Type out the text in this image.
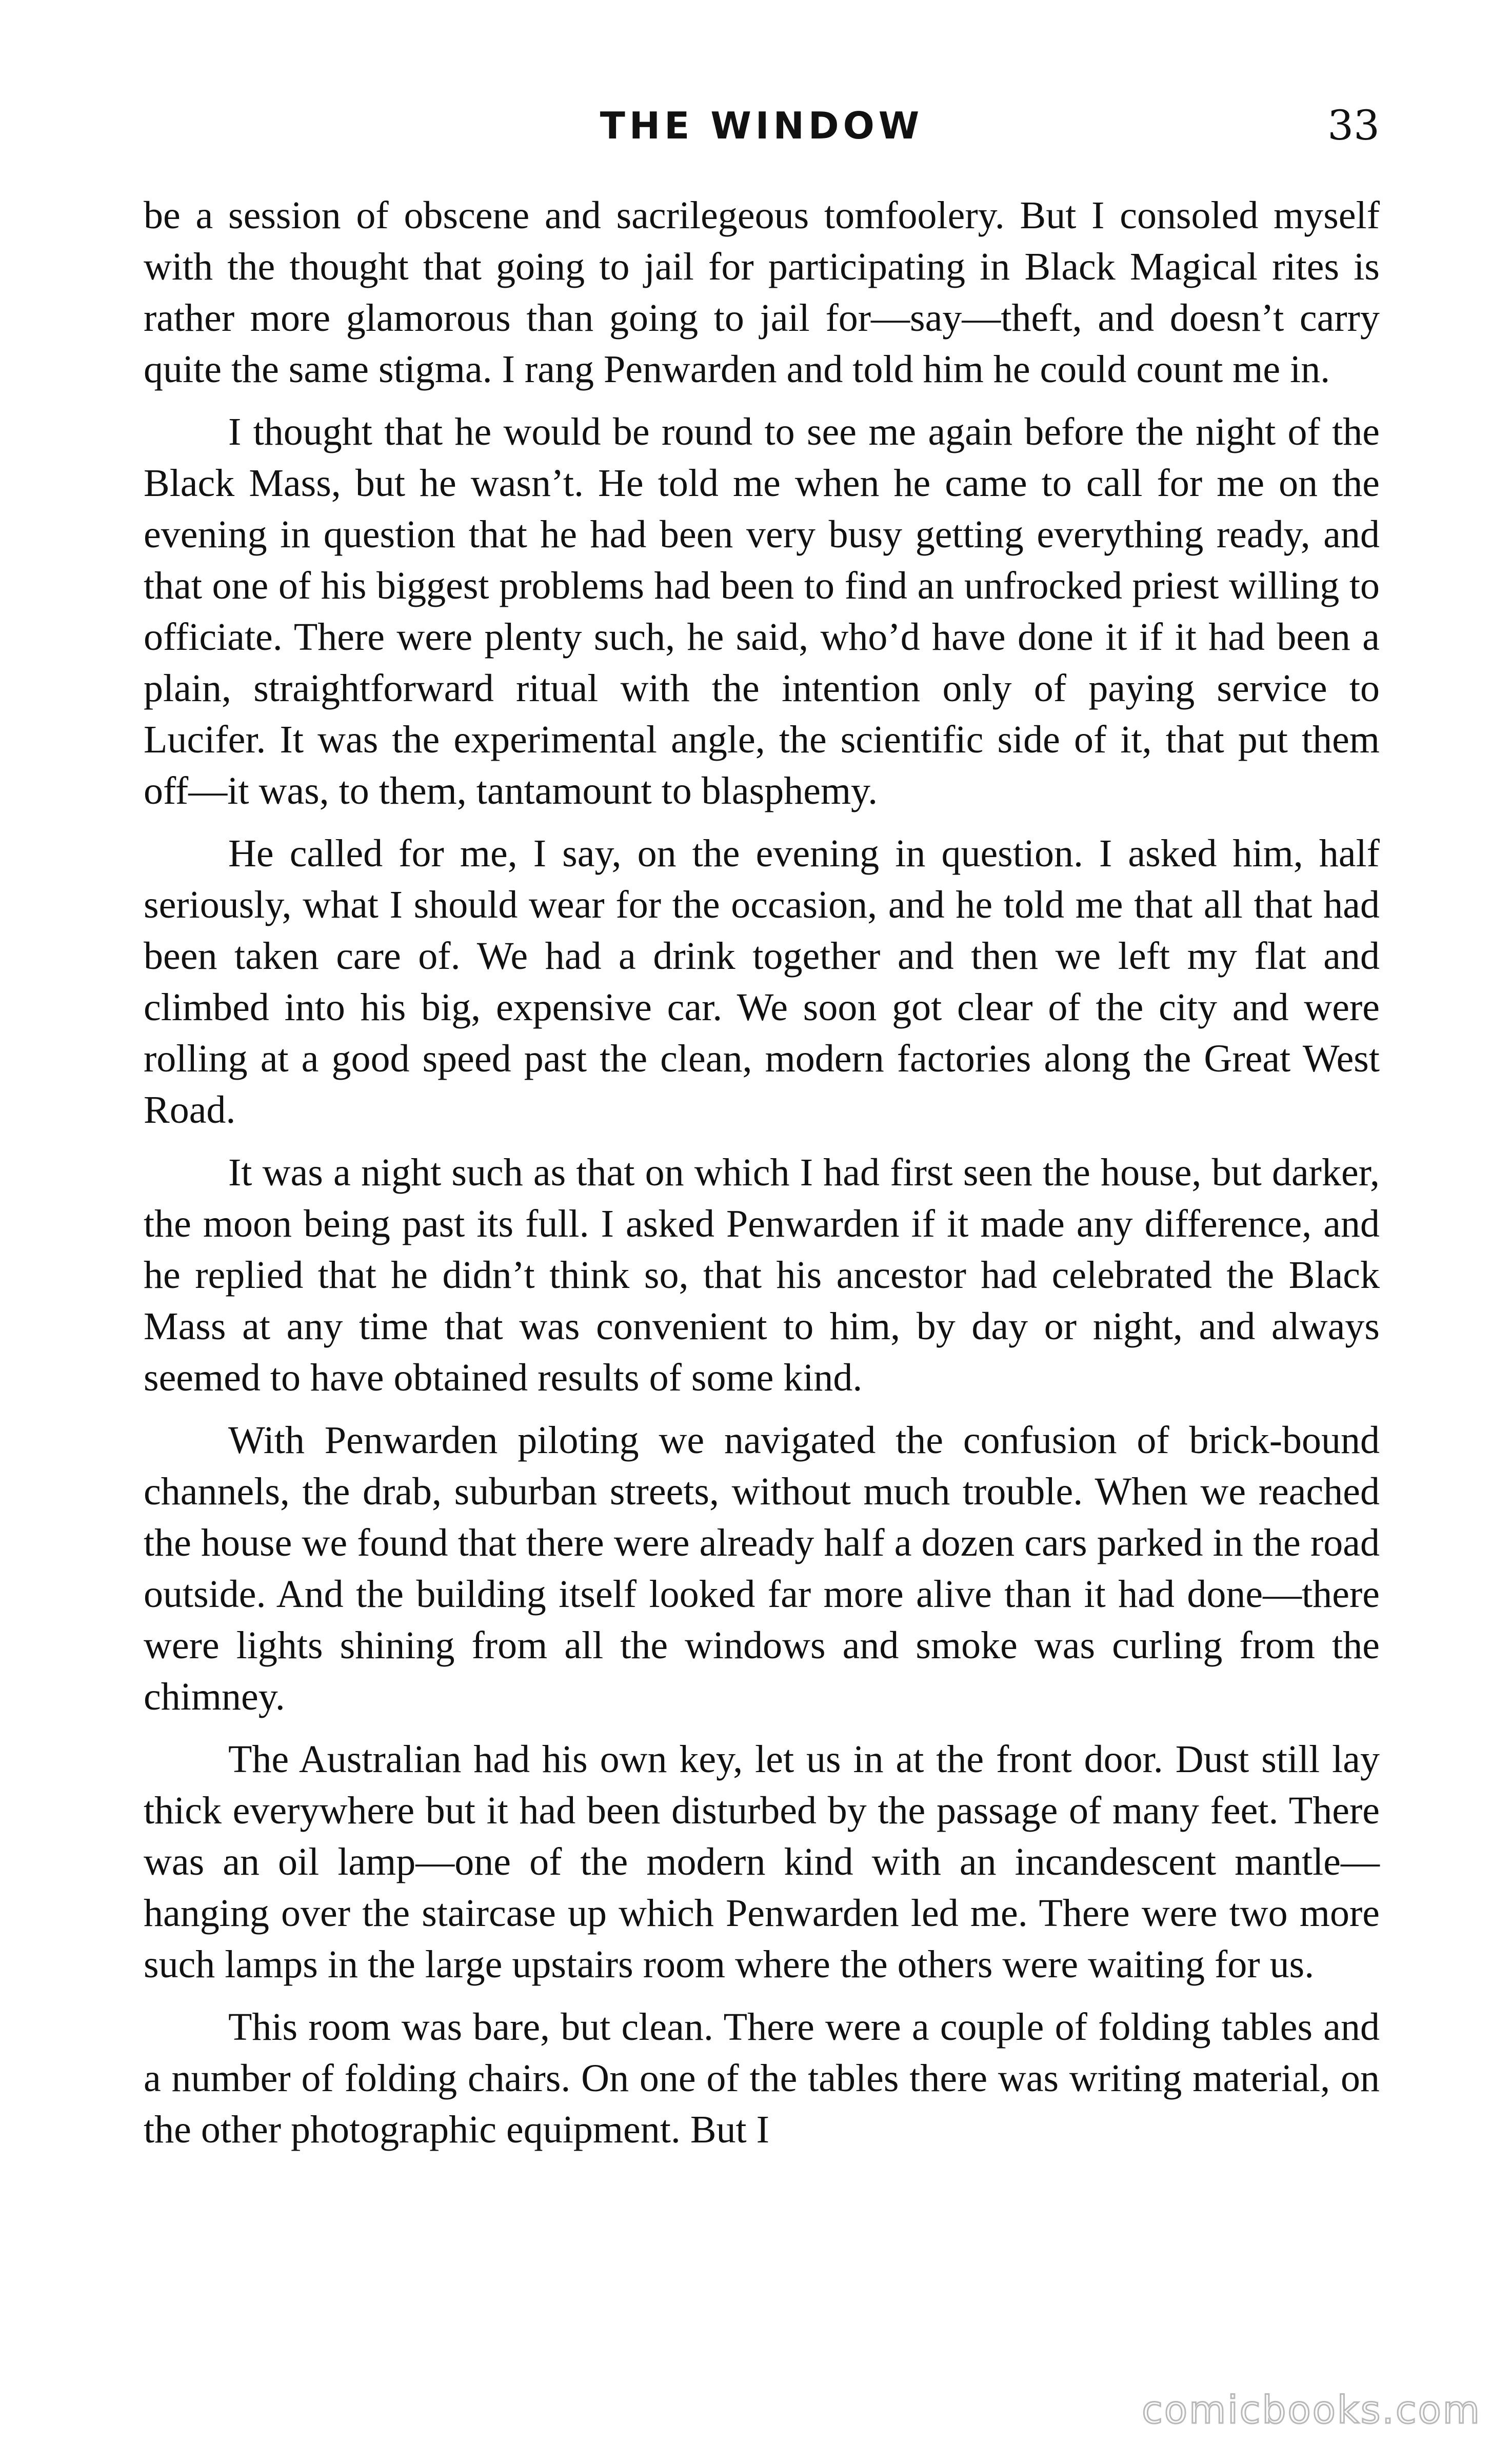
THE WINDOW	33

be a session of obscene and sacrilegeous tomfoolery. But I consoled myself with the thought that going to jail for participating in Black Magical rites is rather more glamorous than going to jail for—say—theft, and doesn’t carry quite the same stigma. I rang Penwarden and told him he could count me in.

I thought that he would be round to see me again before the night of the Black Mass, but he wasn’t. He told me when he came to call for me on the evening in question that he had been very busy getting everything ready, and that one of his biggest problems had been to find an unfrocked priest willing to officiate. There were plenty such, he said, who’d have done it if it had been a plain, straightforward ritual with the intention only of paying service to Lucifer. It was the experimental angle, the scientific side of it, that put them off—it was, to them, tantamount to blasphemy.

He called for me, I say, on the evening in question. I asked him, half seriously, what I should wear for the occasion, and he told me that all that had been taken care of. We had a drink together and then we left my flat and climbed into his big, expensive car. We soon got clear of the city and were rolling at a good speed past the clean, modern factories along the Great West Road.

It was a night such as that on which I had first seen the house, but darker, the moon being past its full. I asked Penwarden if it made any difference, and he replied that he didn’t think so, that his ancestor had celebrated the Black Mass at any time that was convenient to him, by day or night, and always seemed to have obtained results of some kind.

With Penwarden piloting we navigated the confusion of brick-bound channels, the drab, suburban streets, without much trouble. When we reached the house we found that there were already half a dozen cars parked in the road outside. And the building itself looked far more alive than it had done—there were lights shining from all the windows and smoke was curling from the chimney.

The Australian had his own key, let us in at the front door. Dust still lay thick everywhere but it had been disturbed by the passage of many feet. There was an oil lamp—one of the modern kind with an incandescent mantle—hanging over the staircase up which Penwarden led me. There were two more such lamps in the large upstairs room where the others were waiting for us.

This room was bare, but clean. There were a couple of folding tables and a number of folding chairs. On one of the tables there was writing material, on the other photographic equipment. But I

comicbooks.com
